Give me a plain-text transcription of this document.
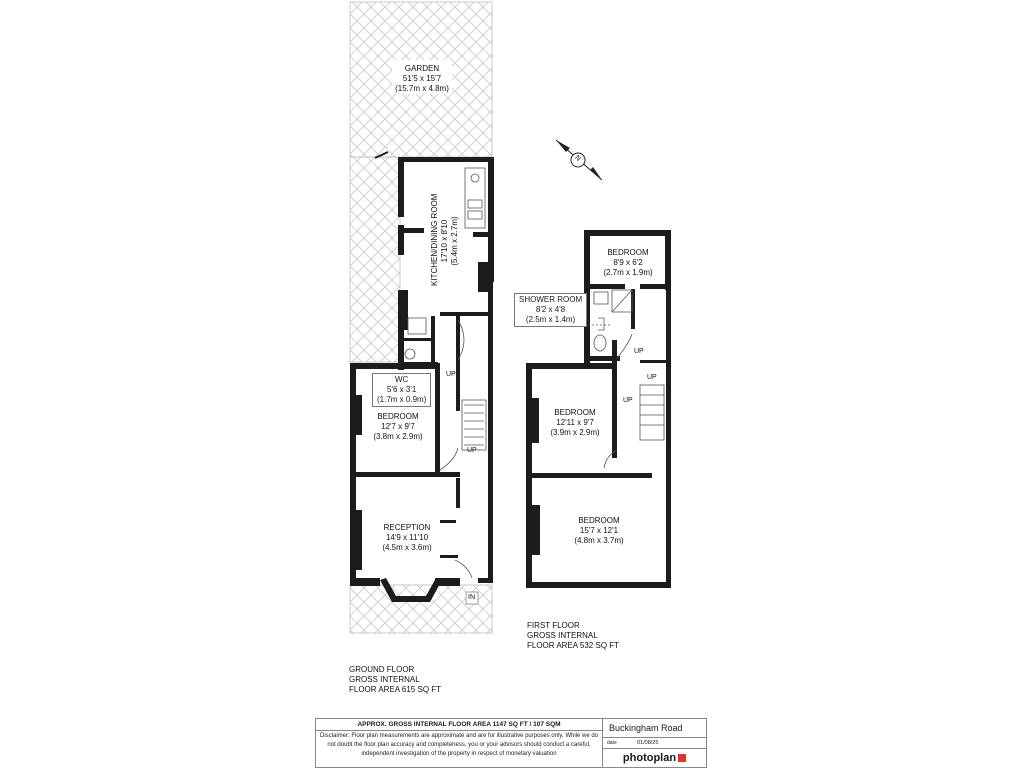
GARDEN
51'5 x 15'7
(15.7m x 4.8m)
KITCHEN/DINING ROOM 17'10 x 8'10 (5.4m x 2.7m)
WC
5'6 x 3'1
(1.7m x 0.9m)
BEDROOM
12'7 x 9'7
(3.8m x 2.9m)
RECEPTION
14'9 x 11'10
(4.5m x 3.6m)
UP
UP
IN
GROUND FLOOR
GROSS INTERNAL
FLOOR AREA 615 SQ FT
BEDROOM
8'9 x 6'2
(2.7m x 1.9m)
SHOWER ROOM
8'2 x 4'8
(2.5m x 1.4m)
BEDROOM
12'11 x 9'7
(3.9m x 2.9m)
BEDROOM
15'7 x 12'1
(4.8m x 3.7m)
UP
UP
UP
N
FIRST FLOOR
GROSS INTERNAL
FLOOR AREA 532 SQ FT
APPROX. GROSS INTERNAL FLOOR AREA 1147 SQ FT / 107 SQM
Disclaimer: Floor plan measurements are approximate and are for illustrative purposes only. While we do not doubt the floor plan accuracy and completeness, you or your advisors should conduct a careful, independent investigation of the property in respect of monetary valuation
Buckingham Road
date	01/08/25
photoplan
